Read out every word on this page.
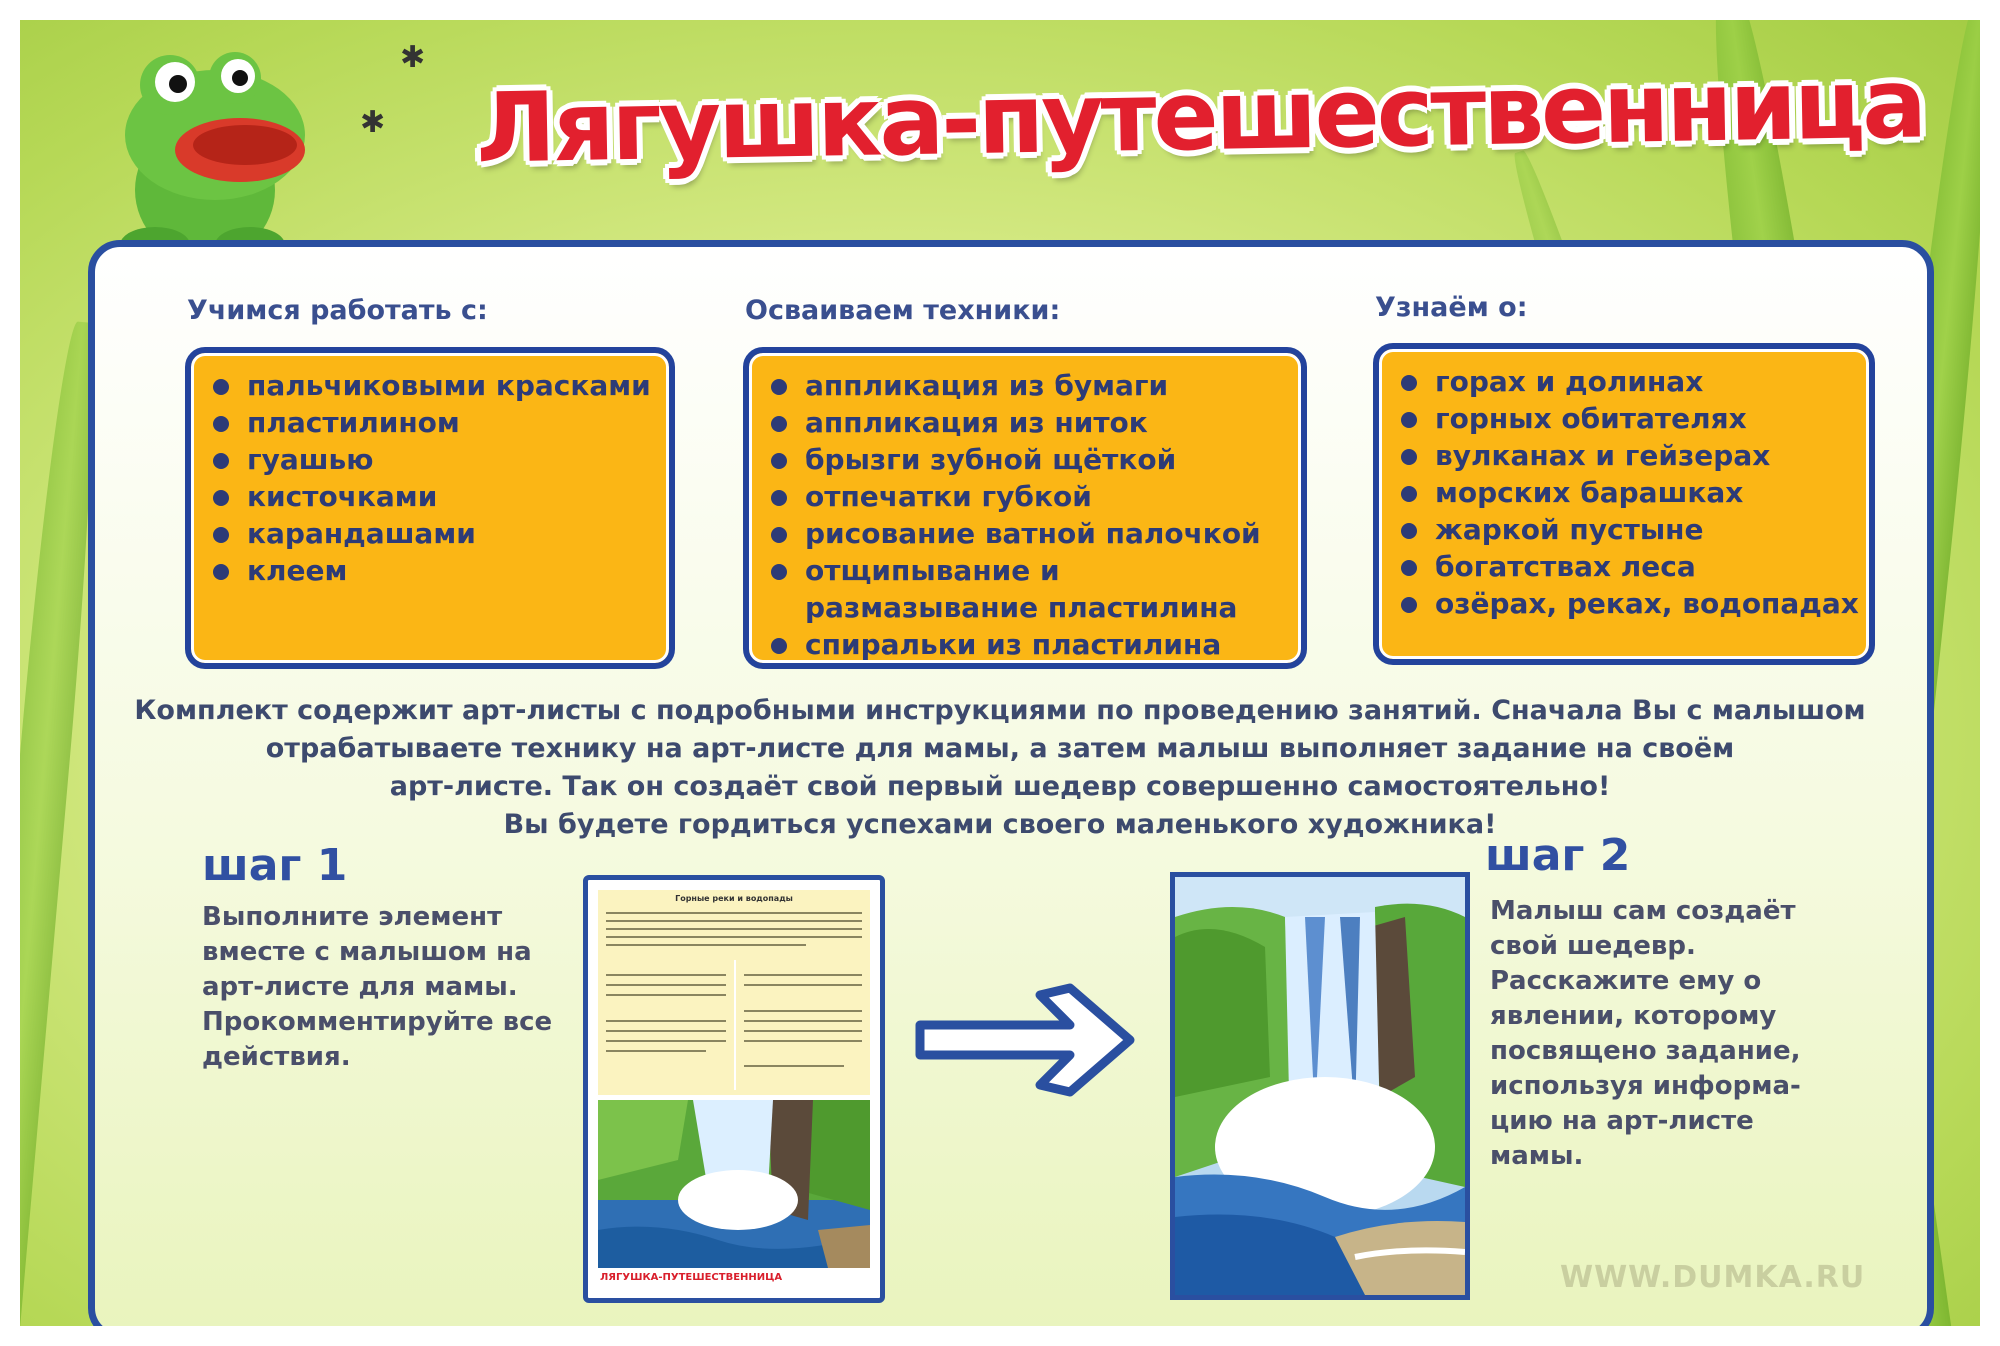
✱
✱ Лягушка-путешественница
Учимся работать с:
пальчиковыми красками
пластилином
гуашью
кисточками
карандашами
клеем
Осваиваем техники:
аппликация из бумаги
аппликация из ниток
брызги зубной щёткой
отпечатки губкой
рисование ватной палочкой
отщипывание и размазывание пластилина
спиральки из пластилина
Узнаём о:
горах и долинах
горных обитателях
вулканах и гейзерах
морских барашках
жаркой пустыне
богатствах леса
озёрах, реках, водопадах
Комплект содержит арт-листы с подробными инструкциями по проведению занятий. Сначала Вы с малышом
отрабатываете технику на арт-листе для мамы, а затем малыш выполняет задание на своём
арт-листе. Так он создаёт свой первый шедевр совершенно самостоятельно!
Вы будете гордиться успехами своего маленького художника!
шаг 1
Выполните элемент
вместе с малышом на
арт-листе для мамы.
Прокомментируйте все
действия.
Горные реки и водопады
ЛЯГУШКА-ПУТЕШЕСТВЕННИЦА
шаг 2
Малыш сам создаёт
свой шедевр.
Расскажите ему о
явлении, которому
посвящено задание,
используя информа-
цию на арт-листе
мамы.
WWW.DUMKA.RU
